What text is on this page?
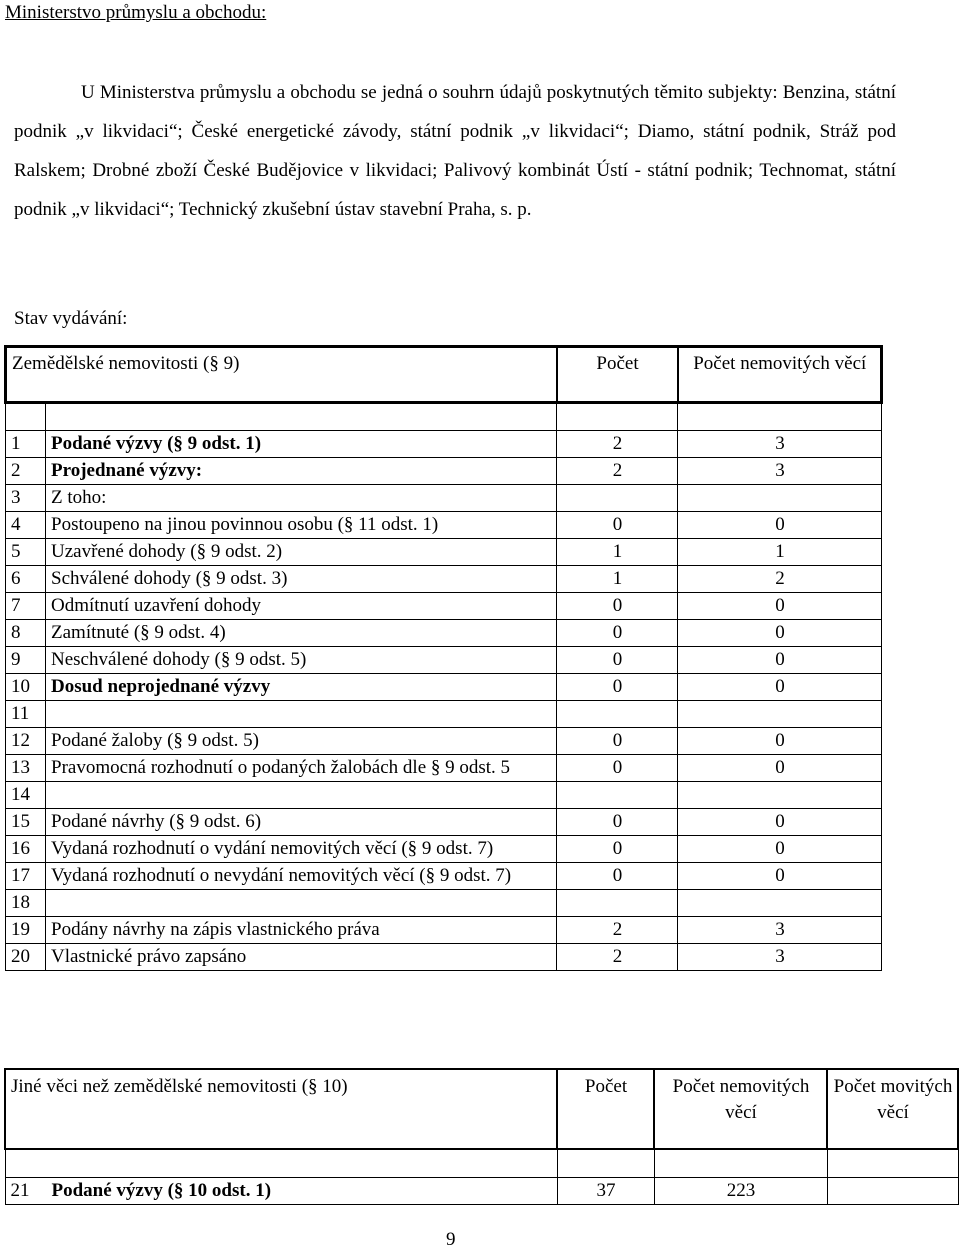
Ministerstvo průmyslu a obchodu:
U Ministerstva průmyslu a obchodu se jedná o souhrn údajů poskytnutých těmito subjekty: Benzina, státní podnik „v likvidaci“; České energetické závody, státní podnik „v likvidaci“; Diamo, státní podnik, Stráž pod Ralskem; Drobné zboží České Budějovice v likvidaci; Palivový kombinát Ústí - státní podnik; Technomat, státní podnik „v likvidaci“; Technický zkušební ústav stavební Praha, s. p.
Stav vydávání:
Zemědělské nemovitosti (§ 9)		Počet	Počet nemovitých věcí

1	Podané výzvy (§ 9 odst. 1)	2	3
2	Projednané výzvy:	2	3
3	Z toho:		
4	Postoupeno na jinou povinnou osobu (§ 11 odst. 1)	0	0
5	Uzavřené dohody (§ 9 odst. 2)	1	1
6	Schválené dohody (§ 9 odst. 3)	1	2
7	Odmítnutí uzavření dohody	0	0
8	Zamítnuté (§ 9 odst. 4)	0	0
9	Neschválené dohody (§ 9 odst. 5)	0	0
10	Dosud neprojednané výzvy	0	0
11			
12	Podané žaloby (§ 9 odst. 5)	0	0
13	Pravomocná rozhodnutí o podaných žalobách dle § 9 odst. 5	0	0
14			
15	Podané návrhy (§ 9 odst. 6)	0	0
16	Vydaná rozhodnutí o vydání nemovitých věcí (§ 9 odst. 7)	0	0
17	Vydaná rozhodnutí o nevydání nemovitých věcí (§ 9 odst. 7)	0	0
18			
19	Podány návrhy na zápis vlastnického práva	2	3
20	Vlastnické právo zapsáno	2	3
Jiné věci než zemědělské nemovitosti (§ 10)	Počet	Počet nemovitých věcí	Počet movitých věcí

21 Podané výzvy (§ 10 odst. 1)	37	223	
9
